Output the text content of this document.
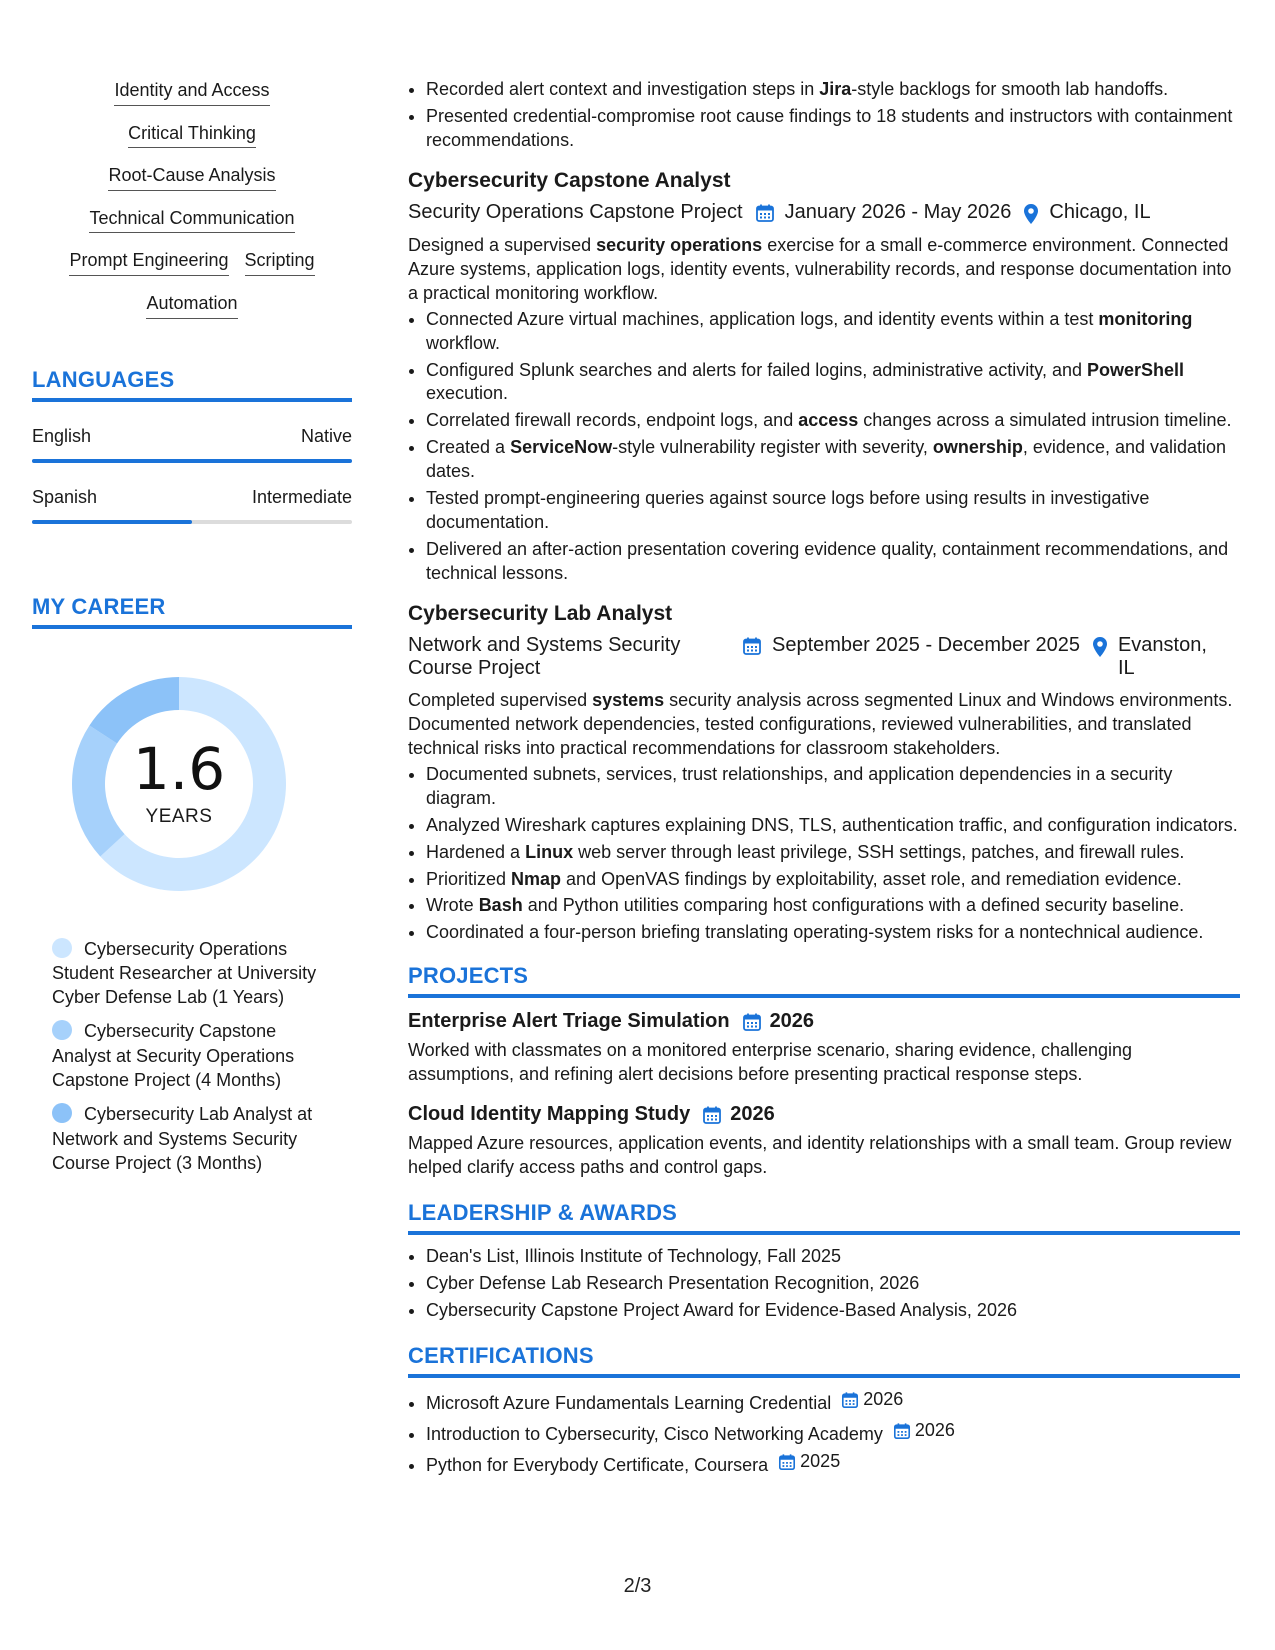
Identity and Access
Critical Thinking
Root-Cause Analysis
Technical Communication
Prompt Engineering Scripting
Automation
LANGUAGES
English	Native
Spanish	Intermediate
MY CAREER
1.6
YEARS
Cybersecurity Operations Student Researcher at University Cyber Defense Lab (1 Years)
Cybersecurity Capstone Analyst at Security Operations Capstone Project (4 Months)
Cybersecurity Lab Analyst at Network and Systems Security Course Project (3 Months)
• Recorded alert context and investigation steps in Jira-style backlogs for smooth lab handoffs.
• Presented credential-compromise root cause findings to 18 students and instructors with containment recommendations.
Cybersecurity Capstone Analyst
Security Operations Capstone Project January 2026 - May 2026 Chicago, IL
Designed a supervised security operations exercise for a small e-commerce environment. Connected Azure systems, application logs, identity events, vulnerability records, and response documentation into a practical monitoring workflow.
• Connected Azure virtual machines, application logs, and identity events within a test monitoring workflow.
• Configured Splunk searches and alerts for failed logins, administrative activity, and PowerShell execution.
• Correlated firewall records, endpoint logs, and access changes across a simulated intrusion timeline.
• Created a ServiceNow-style vulnerability register with severity, ownership, evidence, and validation dates.
• Tested prompt-engineering queries against source logs before using results in investigative documentation.
• Delivered an after-action presentation covering evidence quality, containment recommendations, and technical lessons.
Cybersecurity Lab Analyst
Network and Systems Security Course Project
September 2025 - December 2025 Evanston, IL
Completed supervised systems security analysis across segmented Linux and Windows environments. Documented network dependencies, tested configurations, reviewed vulnerabilities, and translated technical risks into practical recommendations for classroom stakeholders.
• Documented subnets, services, trust relationships, and application dependencies in a security diagram.
• Analyzed Wireshark captures explaining DNS, TLS, authentication traffic, and configuration indicators.
• Hardened a Linux web server through least privilege, SSH settings, patches, and firewall rules.
• Prioritized Nmap and OpenVAS findings by exploitability, asset role, and remediation evidence.
• Wrote Bash and Python utilities comparing host configurations with a defined security baseline.
• Coordinated a four-person briefing translating operating-system risks for a nontechnical audience.
PROJECTS
Enterprise Alert Triage Simulation 2026
Worked with classmates on a monitored enterprise scenario, sharing evidence, challenging assumptions, and refining alert decisions before presenting practical response steps.
Cloud Identity Mapping Study 2026
Mapped Azure resources, application events, and identity relationships with a small team. Group review helped clarify access paths and control gaps.
LEADERSHIP & AWARDS
• Dean's List, Illinois Institute of Technology, Fall 2025
• Cyber Defense Lab Research Presentation Recognition, 2026
• Cybersecurity Capstone Project Award for Evidence-Based Analysis, 2026
CERTIFICATIONS
• Microsoft Azure Fundamentals Learning Credential 2026
• Introduction to Cybersecurity, Cisco Networking Academy 2026
• Python for Everybody Certificate, Coursera 2025
2/3
